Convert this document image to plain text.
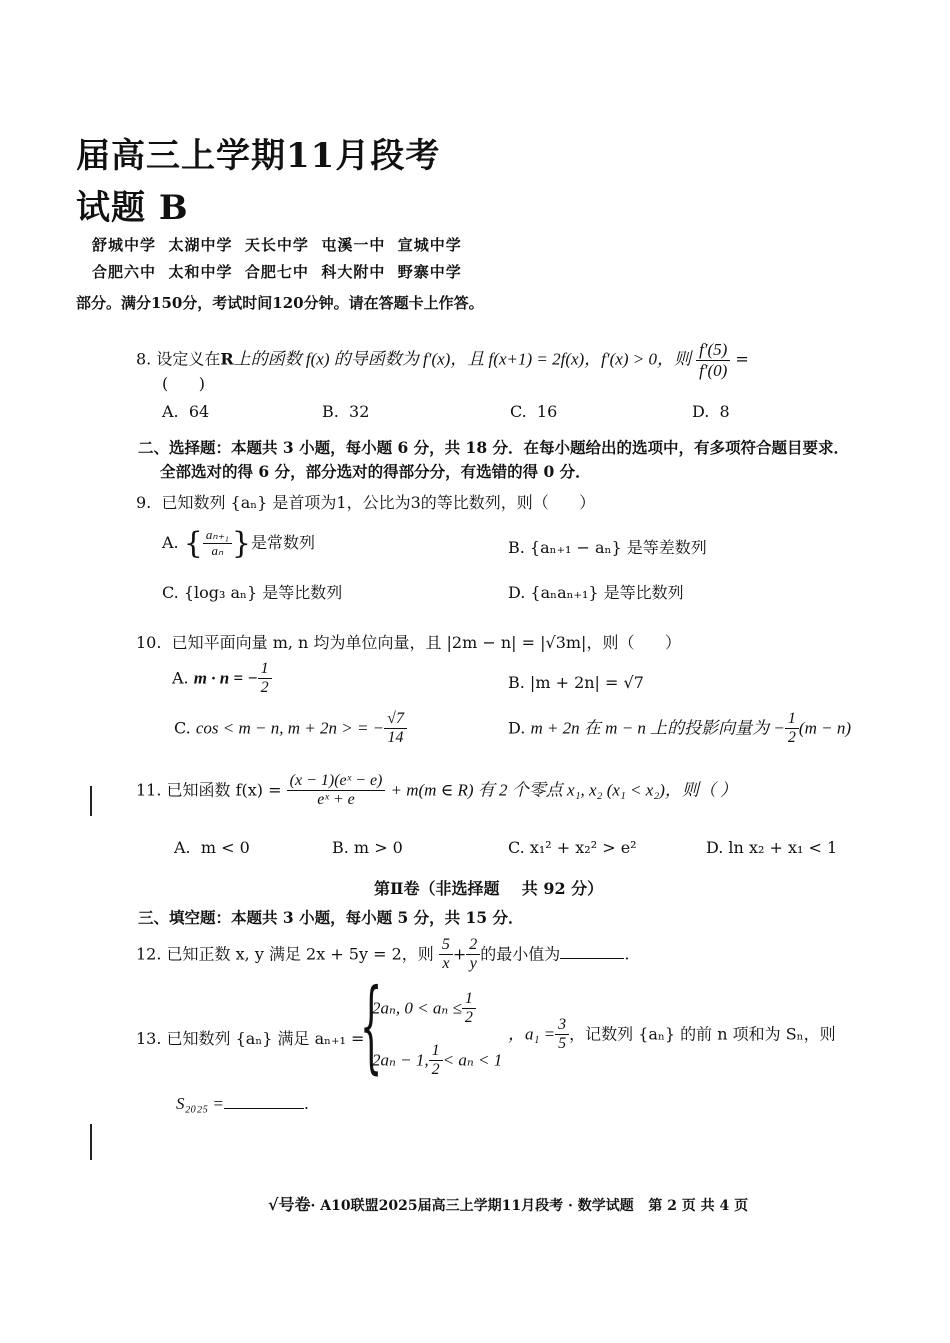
届高三上学期11月段考
试题 B
舒城中学  太湖中学  天长中学  屯溪一中  宣城中学
合肥六中  太和中学  合肥七中  科大附中  野寨中学
部分。满分150分，考试时间120分钟。请在答题卡上作答。
8. 设定义在R上的函数 f(x) 的导函数为 f′(x)，且 f(x+1) = 2f(x)，f′(x) > 0，则 $\frac{f'(5)}{f'(0)}$ =
(      )
A.  64	B.  32	C.  16	D.  8
二、选择题：本题共 3 小题，每小题 6 分，共 18 分．在每小题给出的选项中，有多项符合题目要求．
全部选对的得 6 分，部分选对的得部分分，有选错的得 0 分．
9.  已知数列 {aₙ} 是首项为1，公比为3的等比数列，则（      ）
A. { $\frac{\text{aₙ₊₁}}{\text{aₙ}}$ }是常数列	B. {aₙ₊₁ − aₙ} 是等差数列
C. {log₃ aₙ} 是等比数列	D. {aₙaₙ₊₁} 是等比数列
10.  已知平面向量 m, n 均为单位向量，且 |2m − n| = |√3m|，则（      ）
A. m · n = − $\frac{1}{2}$	B. |m + 2n| = √7
C. cos < m − n, m + 2n > = − $\frac{√7}{14}$	D. m + 2n 在 m − n 上的投影向量为 − $\frac{1}{2} (m - n)$
11. 已知函数 $f(x) = \frac{\text{(x − 1)(eˣ − e)}}{\text{eˣ + e}} + m(m$ ∈ R) 有 2 个零点 x₁, x₂ (x₁ < x₂)，则（ ）
A.  m < 0	B. m > 0	C. x₁² + x₂² > e²	D. ln x₂ + x₁ < 1
第Ⅱ卷（非选择题    共 92 分）
三、填空题：本题共 3 小题，每小题 5 分，共 15 分．
12. 已知正数 x, y 满足 2x + 5y = 2，则 $\frac{5}{x} + \frac{2}{y}$ 的最小值为	.
13. 已知数列 {aₙ} 满足 aₙ₊₁ =
{
2aₙ, $0 < a_n \le \frac{1}{2}$
2aₙ − 1, $\frac{1}{2} < a_n < 1$
，$a_1 = \frac{3}{5}$ ，记数列 {aₙ} 的前 n 项和为 Sₙ，则
S₂₀₂₅ =	.
√号卷· A10联盟2025届高三上学期11月段考 · 数学试题   第 2 页 共 4 页
